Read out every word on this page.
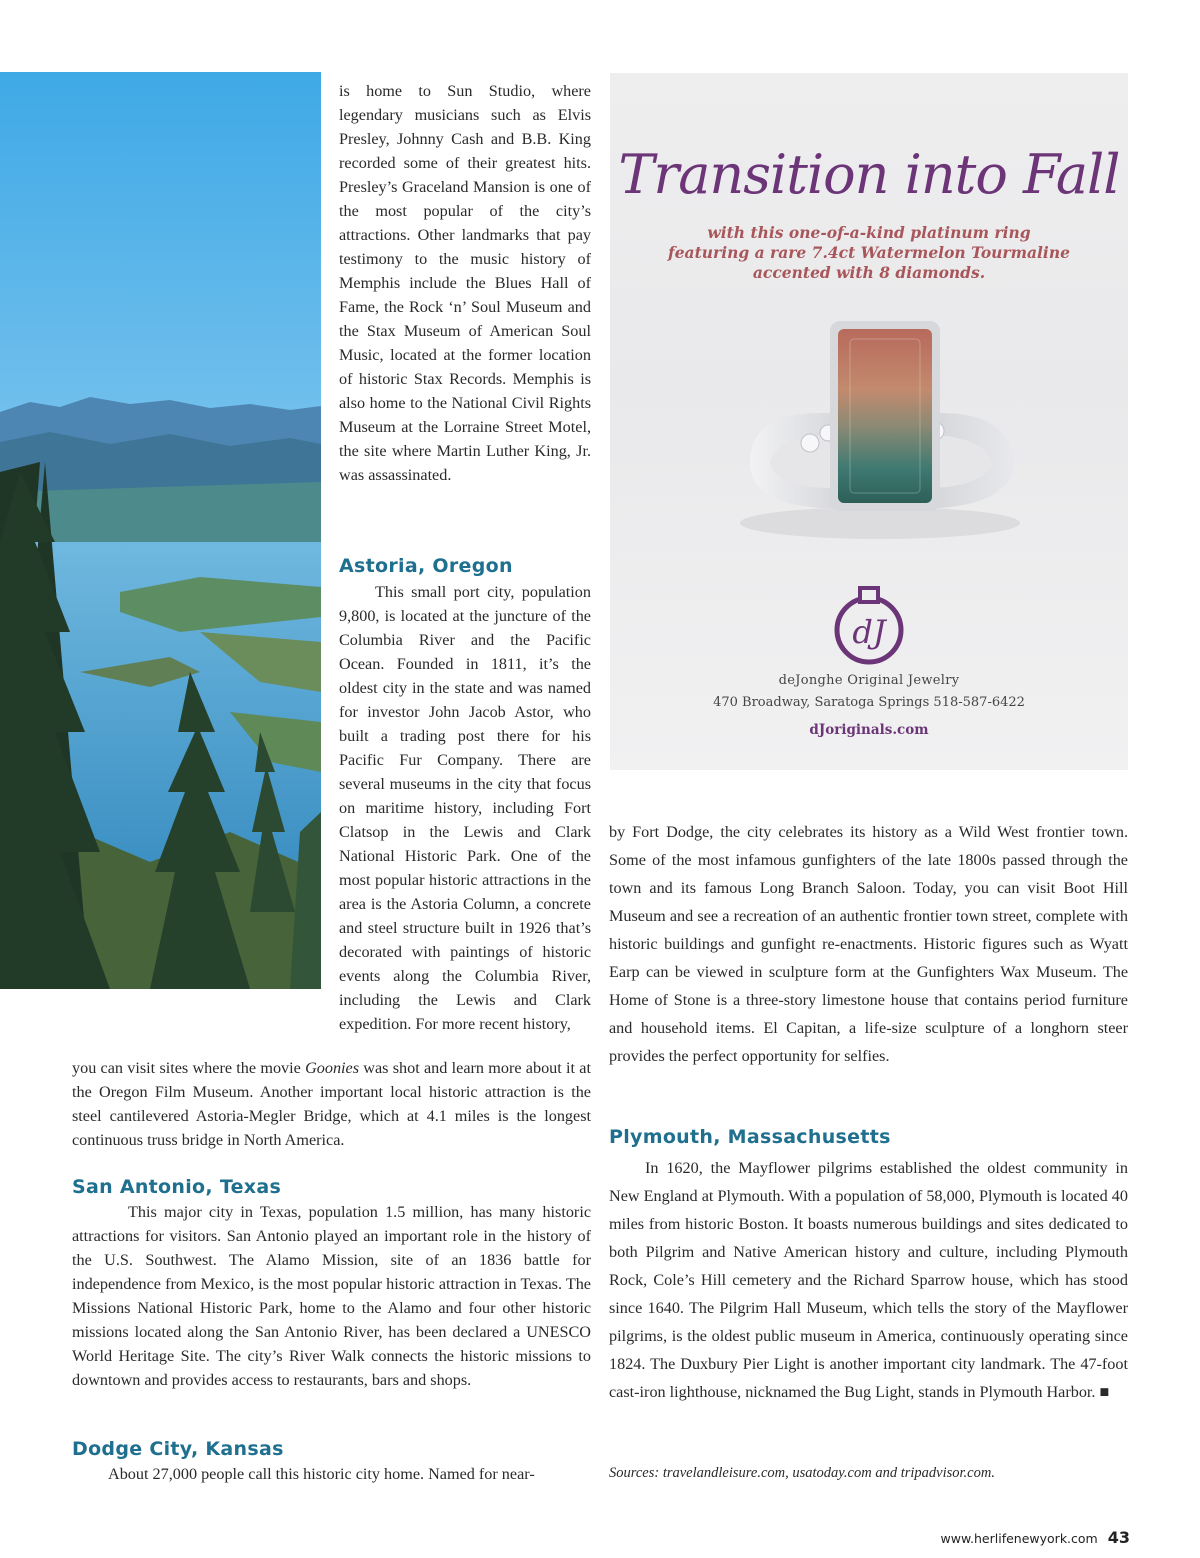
is home to Sun Studio, where legendary musicians such as Elvis Presley, Johnny Cash and B.B. King recorded some of their greatest hits. Presley’s Graceland Mansion is one of the most popular of the city’s attractions. Other landmarks that pay testimony to the music history of Memphis include the Blues Hall of Fame, the Rock ‘n’ Soul Museum and the Stax Museum of American Soul Music, located at the former location of historic Stax Records. Memphis is also home to the National Civil Rights Museum at the Lorraine Street Motel, the site where Martin Luther King, Jr. was assassinated.

Astoria, Oregon

This small port city, population 9,800, is located at the juncture of the Columbia River and the Pacific Ocean. Founded in 1811, it’s the oldest city in the state and was named for investor John Jacob Astor, who built a trading post there for his Pacific Fur Company. There are several museums in the city that focus on maritime history, including Fort Clatsop in the Lewis and Clark National Historic Park. One of the most popular historic attractions in the area is the Astoria Column, a concrete and steel structure built in 1926 that’s decorated with paintings of historic events along the Columbia River, including the Lewis and Clark expedition. For more recent history,

you can visit sites where the movie Goonies was shot and learn more about it at the Oregon Film Museum. Another important local historic attraction is the steel cantilevered Astoria-Megler Bridge, which at 4.1 miles is the longest continuous truss bridge in North America.

San Antonio, Texas

This major city in Texas, population 1.5 million, has many historic attractions for visitors. San Antonio played an important role in the history of the U.S. Southwest. The Alamo Mission, site of an 1836 battle for independence from Mexico, is the most popular historic attraction in Texas. The Missions National Historic Park, home to the Alamo and four other historic missions located along the San Antonio River, has been declared a UNESCO World Heritage Site. The city’s River Walk connects the historic missions to downtown and provides access to restaurants, bars and shops.

Dodge City, Kansas

About 27,000 people call this historic city home. Named for near-

Transition into Fall
with this one-of-a-kind platinum ring
featuring a rare 7.4ct Watermelon Tourmaline
accented with 8 diamonds.
dJ
deJonghe Original Jewelry
470 Broadway, Saratoga Springs 518-587-6422
dJoriginals.com

by Fort Dodge, the city celebrates its history as a Wild West frontier town. Some of the most infamous gunfighters of the late 1800s passed through the town and its famous Long Branch Saloon. Today, you can visit Boot Hill Museum and see a recreation of an authentic frontier town street, complete with historic buildings and gunfight re-enactments. Historic figures such as Wyatt Earp can be viewed in sculpture form at the Gunfighters Wax Museum. The Home of Stone is a three-story limestone house that contains period furniture and household items. El Capitan, a life-size sculpture of a longhorn steer provides the perfect opportunity for selfies.

Plymouth, Massachusetts

In 1620, the Mayflower pilgrims established the oldest community in New England at Plymouth. With a population of 58,000, Plymouth is located 40 miles from historic Boston. It boasts numerous buildings and sites dedicated to both Pilgrim and Native American history and culture, including Plymouth Rock, Cole’s Hill cemetery and the Richard Sparrow house, which has stood since 1640. The Pilgrim Hall Museum, which tells the story of the Mayflower pilgrims, is the oldest public museum in America, continuously operating since 1824. The Duxbury Pier Light is another important city landmark. The 47-foot cast-iron lighthouse, nicknamed the Bug Light, stands in Plymouth Harbor. ■

Sources: travelandleisure.com, usatoday.com and tripadvisor.com.
www.herlifenewyork.com 43
